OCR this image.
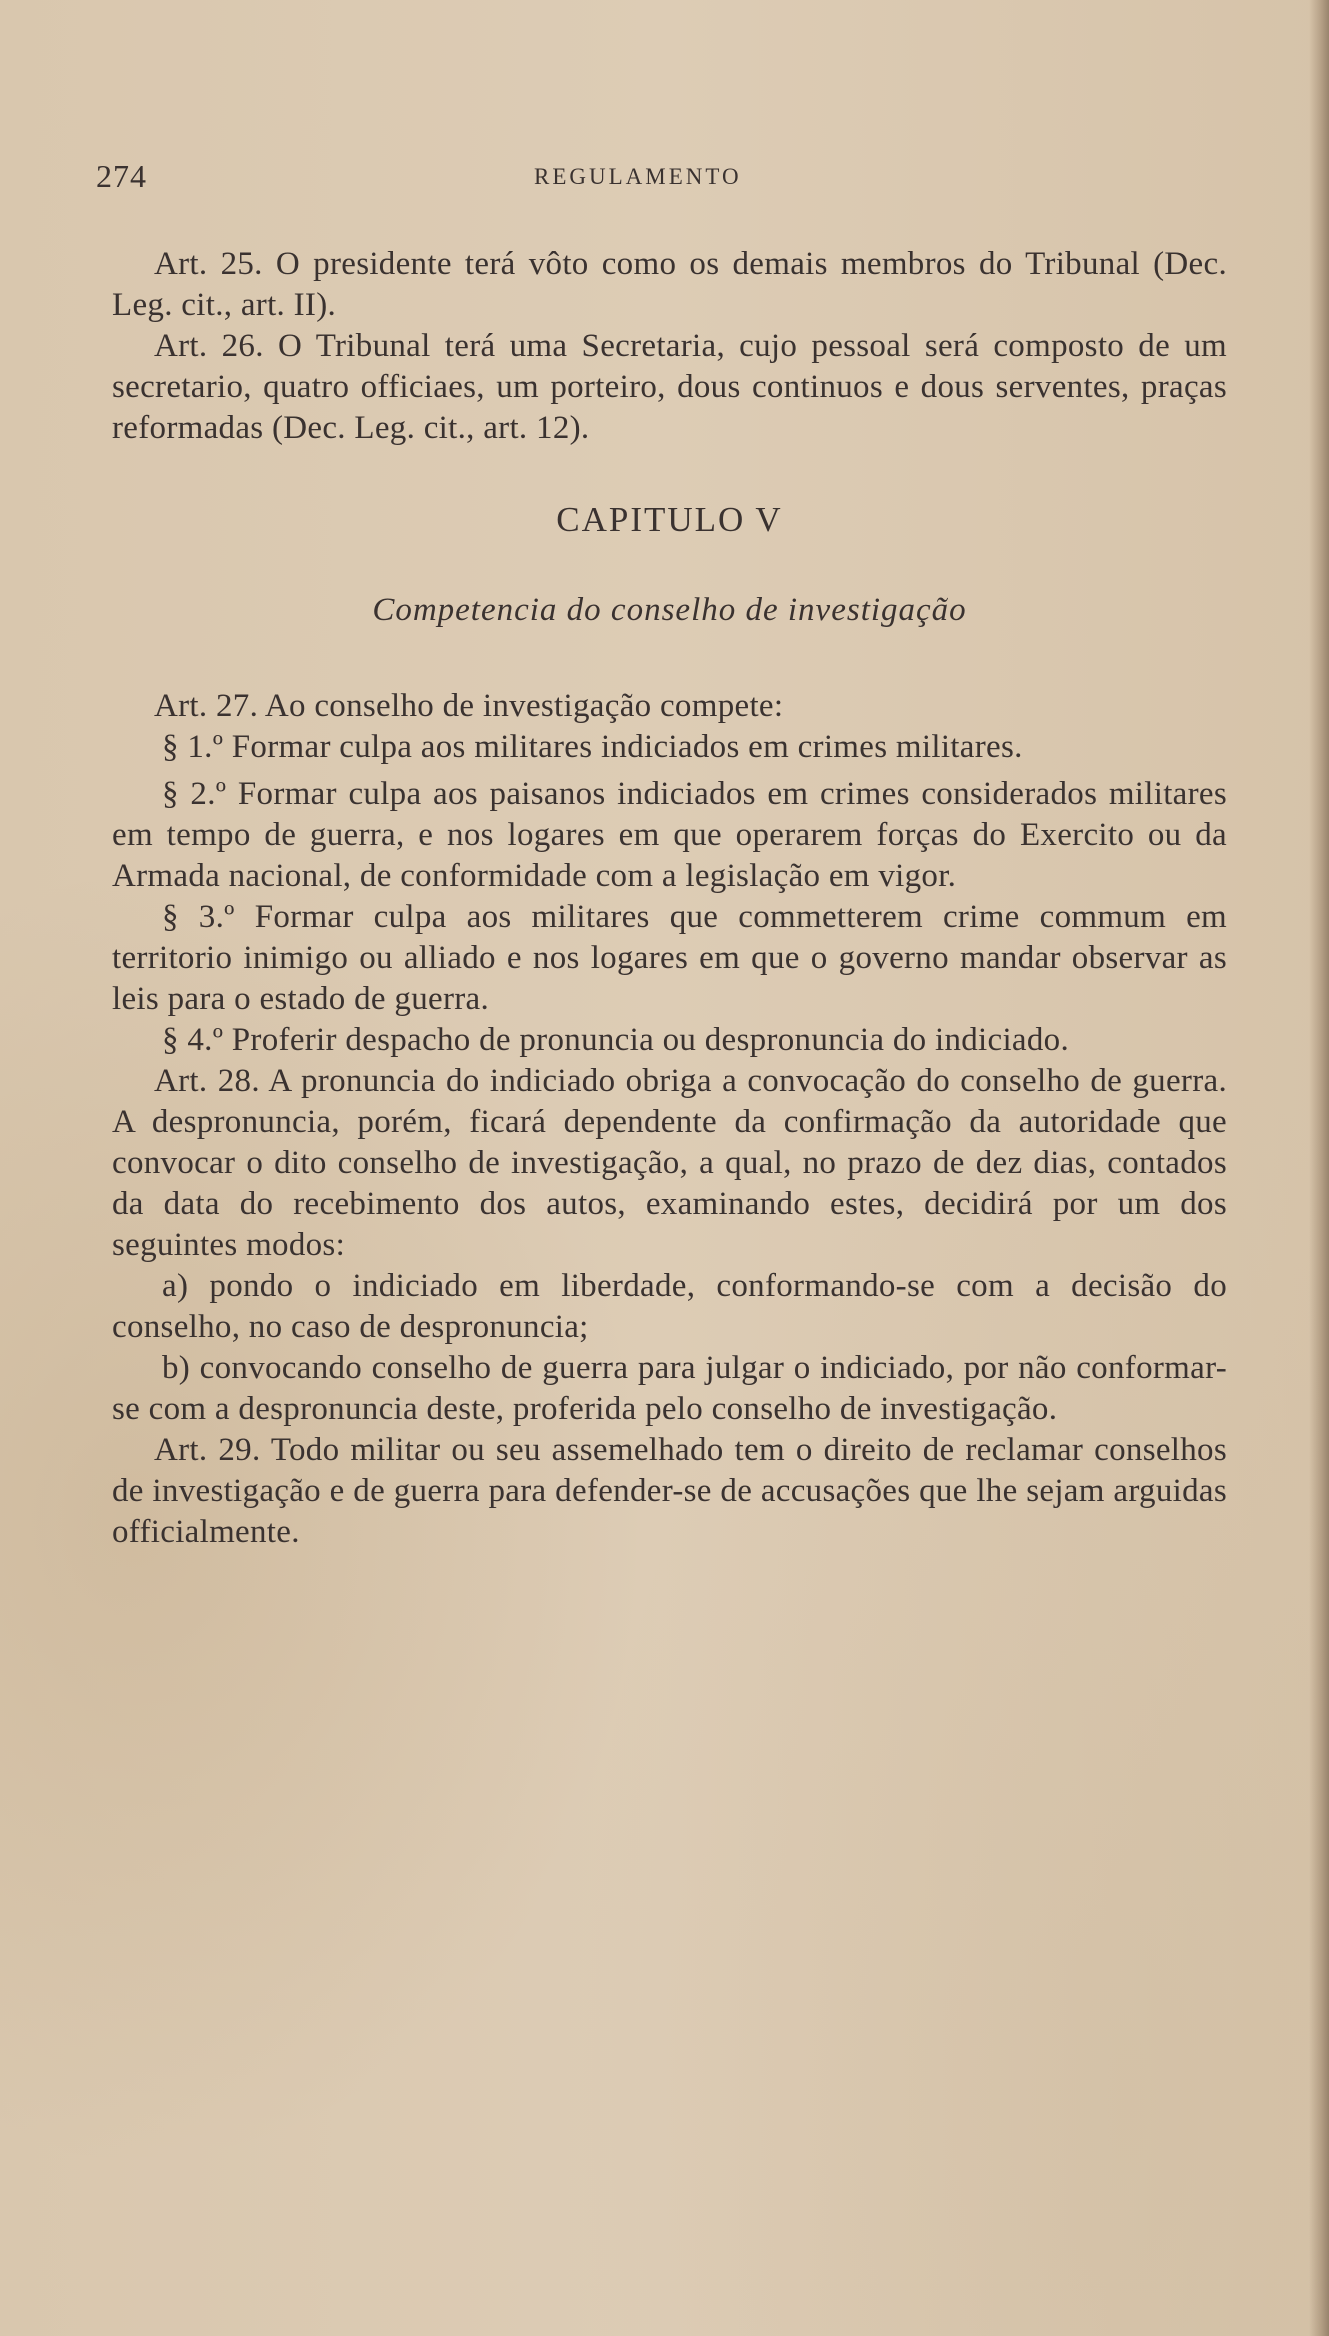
274	REGULAMENTO

Art. 25. O presidente terá vôto como os demais membros do Tribunal (Dec. Leg. cit., art. II).

Art. 26. O Tribunal terá uma Secretaria, cujo pessoal será composto de um secretario, quatro officiaes, um porteiro, dous continuos e dous serventes, praças reformadas (Dec. Leg. cit., art. 12).

CAPITULO V

Competencia do conselho de investigação

Art. 27. Ao conselho de investigação compete:

§ 1.º Formar culpa aos militares indiciados em crimes militares.

§ 2.º Formar culpa aos paisanos indiciados em crimes considerados militares em tempo de guerra, e nos logares em que operarem forças do Exercito ou da Armada nacional, de conformidade com a legislação em vigor.

§ 3.º Formar culpa aos militares que commetterem crime commum em territorio inimigo ou alliado e nos logares em que o governo mandar observar as leis para o estado de guerra.

§ 4.º Proferir despacho de pronuncia ou despronuncia do indiciado.

Art. 28. A pronuncia do indiciado obriga a convocação do conselho de guerra. A despronuncia, porém, ficará dependente da confirmação da autoridade que convocar o dito conselho de investigação, a qual, no prazo de dez dias, contados da data do recebimento dos autos, examinando estes, decidirá por um dos seguintes modos:

a) pondo o indiciado em liberdade, conformando-se com a decisão do conselho, no caso de despronuncia;

b) convocando conselho de guerra para julgar o indiciado, por não conformar-se com a despronuncia deste, proferida pelo conselho de investigação.

Art. 29. Todo militar ou seu assemelhado tem o direito de reclamar conselhos de investigação e de guerra para defender-se de accusações que lhe sejam arguidas officialmente.
